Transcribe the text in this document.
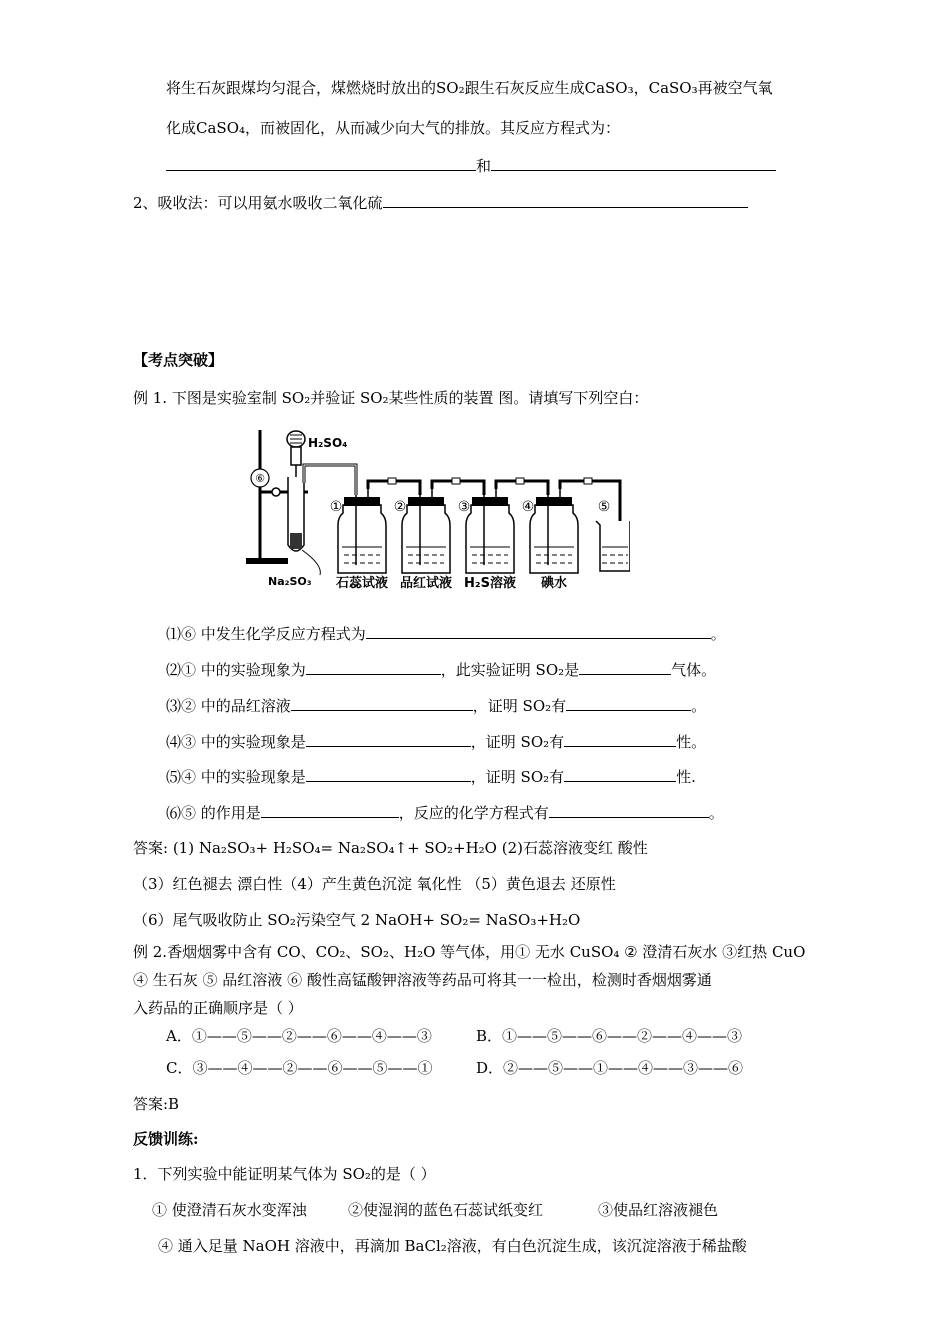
将生石灰跟煤均匀混合，煤燃烧时放出的SO₂跟生石灰反应生成CaSO₃，CaSO₃再被空气氧
化成CaSO₄，而被固化，从而减少向大气的排放。其反应方程式为：
和
2、吸收法：可以用氨水吸收二氧化硫
【考点突破】
例 1. 下图是实验室制 SO₂并验证 SO₂某些性质的装置 图。请填写下列空白：
⑥
H₂SO₄
Na₂SO₃
①	②	③	④	⑤
石蕊试液 品红试液 H₂S溶液 碘水
⑴⑥ 中发生化学反应方程式为	。
⑵① 中的实验现象为	，此实验证明 SO₂是	气体。
⑶② 中的品红溶液	，证明 SO₂有	。
⑷③ 中的实验现象是	，证明 SO₂有	性。
⑸④ 中的实验现象是	，证明 SO₂有	性.
⑹⑤ 的作用是	，反应的化学方程式有	。
答案: (1) Na₂SO₃+ H₂SO₄= Na₂SO₄↑+ SO₂+H₂O (2)石蕊溶液变红 酸性
（3）红色褪去 漂白性（4）产生黄色沉淀 氧化性 （5）黄色退去 还原性
（6）尾气吸收防止 SO₂污染空气 2 NaOH+ SO₂= NaSO₃+H₂O
例 2.香烟烟雾中含有 CO、CO₂、SO₂、H₂O 等气体，用① 无水 CuSO₄ ② 澄清石灰水 ③红热 CuO
④ 生石灰 ⑤ 品红溶液 ⑥ 酸性高锰酸钾溶液等药品可将其一一检出，检测时香烟烟雾通
入药品的正确顺序是（ ）
A．①——⑤——②——⑥——④——③	B．①——⑤——⑥——②——④——③
C．③——④——②——⑥——⑤——①	D．②——⑤——①——④——③——⑥
答案:B
反馈训练:
1．下列实验中能证明某气体为 SO₂的是（ ）
① 使澄清石灰水变浑浊	②使湿润的蓝色石蕊试纸变红	③使品红溶液褪色
④ 通入足量 NaOH 溶液中，再滴加 BaCl₂溶液，有白色沉淀生成，该沉淀溶液于稀盐酸
